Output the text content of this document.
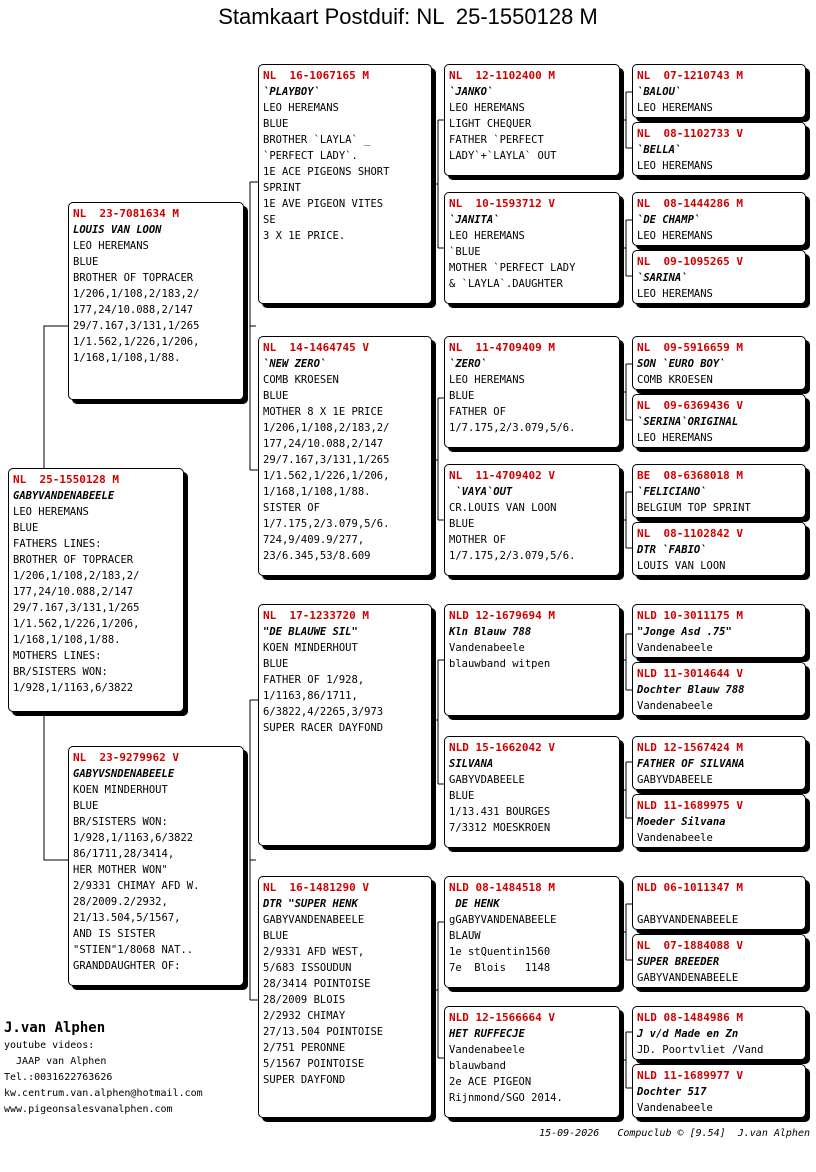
Stamkaart Postduif: NL  25-1550128 M
NL  25-1550128 M
GABYVANDENABEELE
LEO HEREMANS
BLUE
FATHERS LINES:
BROTHER OF TOPRACER
1/206,1/108,2/183,2/
177,24/10.088,2/147
29/7.167,3/131,1/265
1/1.562,1/226,1/206,
1/168,1/108,1/88.
MOTHERS LINES:
BR/SISTERS WON:
1/928,1/1163,6/3822
NL  23-7081634 M
LOUIS VAN LOON
LEO HEREMANS
BLUE
BROTHER OF TOPRACER
1/206,1/108,2/183,2/
177,24/10.088,2/147
29/7.167,3/131,1/265
1/1.562,1/226,1/206,
1/168,1/108,1/88.
NL  23-9279962 V
GABYVSNDENABEELE
KOEN MINDERHOUT
BLUE
BR/SISTERS WON:
1/928,1/1163,6/3822
86/1711,28/3414,
HER MOTHER WON"
2/9331 CHIMAY AFD W.
28/2009.2/2932,
21/13.504,5/1567,
AND IS SISTER
"STIEN"1/8068 NAT..
GRANDDAUGHTER OF:
NL  16-1067165 M
`PLAYBOY`
LEO HEREMANS
BLUE
BROTHER `LAYLA` _
`PERFECT LADY`.
1E ACE PIGEONS SHORT
SPRINT
1E AVE PIGEON VITES
SE
3 X 1E PRICE.
NL  14-1464745 V
`NEW ZERO`
COMB KROESEN
BLUE
MOTHER 8 X 1E PRICE
1/206,1/108,2/183,2/
177,24/10.088,2/147
29/7.167,3/131,1/265
1/1.562,1/226,1/206,
1/168,1/108,1/88.
SISTER OF
1/7.175,2/3.079,5/6.
724,9/409.9/277,
23/6.345,53/8.609
NL  17-1233720 M
"DE BLAUWE SIL"
KOEN MINDERHOUT
BLUE
FATHER OF 1/928,
1/1163,86/1711,
6/3822,4/2265,3/973
SUPER RACER DAYFOND
NL  16-1481290 V
DTR "SUPER HENK
GABYVANDENABEELE
BLUE
2/9331 AFD WEST,
5/683 ISSOUDUN
28/3414 POINTOISE
28/2009 BLOIS
2/2932 CHIMAY
27/13.504 POINTOISE
2/751 PERONNE
5/1567 POINTOISE
SUPER DAYFOND
NL  12-1102400 M
`JANKO`
LEO HEREMANS
LIGHT CHEQUER
FATHER `PERFECT
LADY`+`LAYLA` OUT
NL  10-1593712 V
`JANITA`
LEO HEREMANS
`BLUE
MOTHER `PERFECT LADY
& `LAYLA`.DAUGHTER
NL  11-4709409 M
`ZERO`
LEO HEREMANS
BLUE
FATHER OF
1/7.175,2/3.079,5/6.
NL  11-4709402 V
`VAYA`OUT
CR.LOUIS VAN LOON
BLUE
MOTHER OF
1/7.175,2/3.079,5/6.
NLD 12-1679694 M
Kln Blauw 788
Vandenabeele
blauwband witpen
NLD 15-1662042 V
SILVANA
GABYVDABEELE
BLUE
1/13.431 BOURGES
7/3312 MOESKROEN
NLD 08-1484518 M
DE HENK
gGABYVANDENABEELE
BLAUW
1e stQuentin1560
7e  Blois   1148
NLD 12-1566664 V
HET RUFFECJE
Vandenabeele
blauwband
2e ACE PIGEON
Rijnmond/SGO 2014.
NL  07-1210743 M
`BALOU`
LEO HEREMANS
NL  08-1102733 V
`BELLA`
LEO HEREMANS
NL  08-1444286 M
`DE CHAMP`
LEO HEREMANS
NL  09-1095265 V
`SARINA`
LEO HEREMANS
NL  09-5916659 M
SON `EURO BOY`
COMB KROESEN
NL  09-6369436 V
`SERINA`ORIGINAL
LEO HEREMANS
BE  08-6368018 M
`FELICIANO`
BELGIUM TOP SPRINT
NL  08-1102842 V
DTR `FABIO`
LOUIS VAN LOON
NLD 10-3011175 M
"Jonge Asd .75"
Vandenabeele
NLD 11-3014644 V
Dochter Blauw 788
Vandenabeele
NLD 12-1567424 M
FATHER OF SILVANA
GABYVDABEELE
NLD 11-1689975 V
Moeder Silvana
Vandenabeele
NLD 06-1011347 M
GABYVANDENABEELE
NL  07-1884088 V
SUPER BREEDER
GABYVANDENABEELE
NLD 08-1484986 M
J v/d Made en Zn
JD. Poortvliet /Vand
NLD 11-1689977 V
Dochter 517
Vandenabeele
J.van Alphen
youtube videos:
JAAP van Alphen
Tel.:0031622763626
kw.centrum.van.alphen@hotmail.com
www.pigeonsalesvanalphen.com
15-09-2026   Compuclub © [9.54]  J.van Alphen
